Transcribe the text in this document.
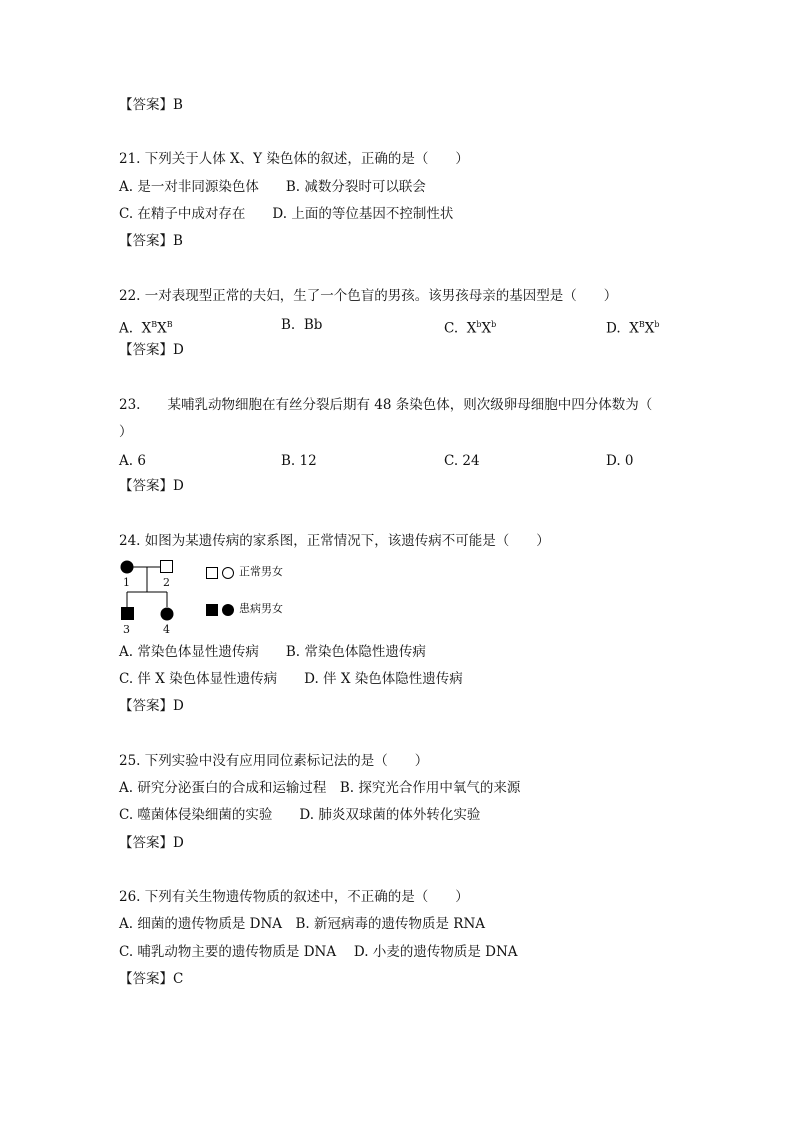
【答案】B
21. 下列关于人体 X、Y 染色体的叙述，正确的是（　　）
A. 是一对非同源染色体　　B. 减数分裂时可以联会
C. 在精子中成对存在　　D. 上面的等位基因不控制性状
【答案】B
22. 一对表现型正常的夫妇，生了一个色盲的男孩。该男孩母亲的基因型是（　　）
A. $X^BX^B$	B. Bb	C. $X^bX^b$	D. $X^BX^b$
【答案】D
23.　　某哺乳动物细胞在有丝分裂后期有 48 条染色体，则次级卵母细胞中四分体数为（
）
A. 6	B. 12	C. 24	D. 0
【答案】D
24. 如图为某遗传病的家系图，正常情况下，该遗传病不可能是（　　）
1	2
3	4
正常男女
患病男女
A. 常染色体显性遗传病　　B. 常染色体隐性遗传病
C. 伴 X 染色体显性遗传病　　D. 伴 X 染色体隐性遗传病
【答案】D
25. 下列实验中没有应用同位素标记法的是（　　）
A. 研究分泌蛋白的合成和运输过程　B. 探究光合作用中氧气的来源
C. 噬菌体侵染细菌的实验　　D. 肺炎双球菌的体外转化实验
【答案】D
26. 下列有关生物遗传物质的叙述中，不正确的是（　　）
A. 细菌的遗传物质是 DNA　B. 新冠病毒的遗传物质是 RNA
C. 哺乳动物主要的遗传物质是 DNA　 D. 小麦的遗传物质是 DNA
【答案】C
